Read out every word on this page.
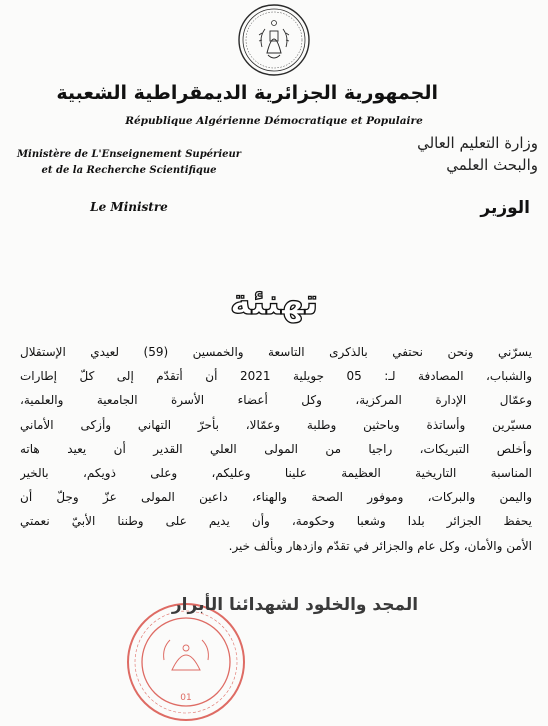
الجمهورية الجزائرية الديمقراطية الشعبية
République Algérienne Démocratique et Populaire
Ministère de L'Enseignement Supérieur
et de la Recherche Scientifique
وزارة التعليم العالي
والبحث العلمي
Le Ministre	الوزير
تهنئة
يسرّني ونحن نحتفي بالذكرى التاسعة والخمسين (59) لعيدي الإستقلال
والشباب، المصادفة لـ: 05 جويلية 2021 أن أتقدّم إلى كلّ إطارات
وعمّال الإدارة المركزية، وكل أعضاء الأسرة الجامعية والعلمية،
مسيّرين وأساتذة وباحثين وطلبة وعمّالا، بأحرّ التهاني وأزكى الأماني
وأخلص التبريكات، راجيا من المولى العلي القدير أن يعيد هاته
المناسبة التاريخية العظيمة علينا وعليكم، وعلى ذويكم، بالخير
واليمن والبركات، وموفور الصحة والهناء، داعين المولى عزّ وجلّ أن
يحفظ الجزائر بلدا وشعبا وحكومة، وأن يديم على وطننا الأبيّ نعمتي
الأمن والأمان، وكل عام والجزائر في تقدّم وازدهار وبألف خير.
01
المجد والخلود لشهدائنا الأبرار
